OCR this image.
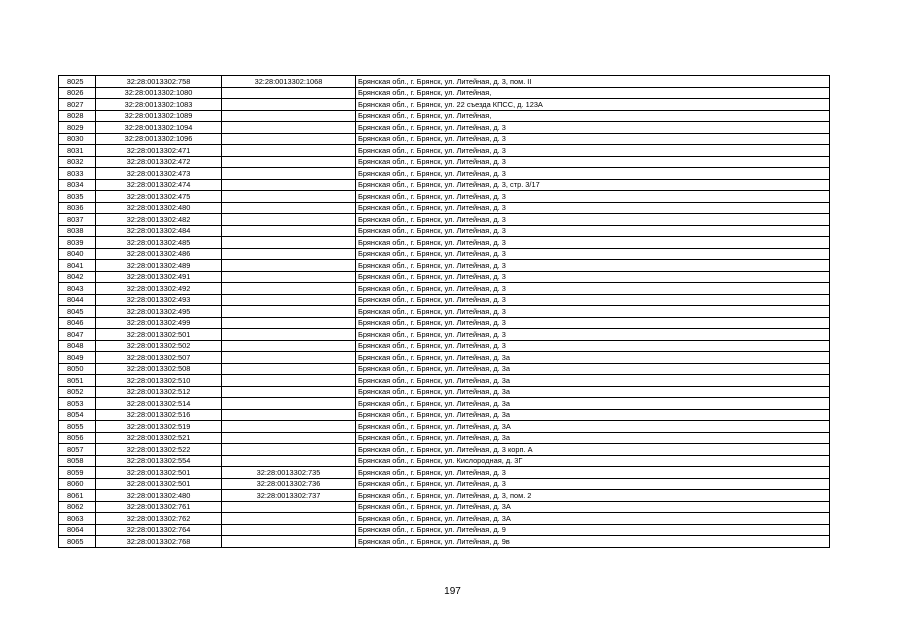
8025	32:28:0013302:758	32:28:0013302:1068	Брянская обл., г. Брянск, ул. Литейная, д. 3, пом. II
8026	32:28:0013302:1080		Брянская обл., г. Брянск, ул. Литейная,
8027	32:28:0013302:1083		Брянская обл., г. Брянск, ул. 22 съезда КПСС, д. 123А
8028	32:28:0013302:1089		Брянская обл., г. Брянск, ул. Литейная,
8029	32:28:0013302:1094		Брянская обл., г. Брянск, ул. Литейная, д. 3
8030	32:28:0013302:1096		Брянская обл., г. Брянск, ул. Литейная, д. 3
8031	32:28:0013302:471		Брянская обл., г. Брянск, ул. Литейная, д. 3
8032	32:28:0013302:472		Брянская обл., г. Брянск, ул. Литейная, д. 3
8033	32:28:0013302:473		Брянская обл., г. Брянск, ул. Литейная, д. 3
8034	32:28:0013302:474		Брянская обл., г. Брянск, ул. Литейная, д. 3, стр. 3/17
8035	32:28:0013302:475		Брянская обл., г. Брянск, ул. Литейная, д. 3
8036	32:28:0013302:480		Брянская обл., г. Брянск, ул. Литейная, д. 3
8037	32:28:0013302:482		Брянская обл., г. Брянск, ул. Литейная, д. 3
8038	32:28:0013302:484		Брянская обл., г. Брянск, ул. Литейная, д. 3
8039	32:28:0013302:485		Брянская обл., г. Брянск, ул. Литейная, д. 3
8040	32:28:0013302:486		Брянская обл., г. Брянск, ул. Литейная, д. 3
8041	32:28:0013302:489		Брянская обл., г. Брянск, ул. Литейная, д. 3
8042	32:28:0013302:491		Брянская обл., г. Брянск, ул. Литейная, д. 3
8043	32:28:0013302:492		Брянская обл., г. Брянск, ул. Литейная, д. 3
8044	32:28:0013302:493		Брянская обл., г. Брянск, ул. Литейная, д. 3
8045	32:28:0013302:495		Брянская обл., г. Брянск, ул. Литейная, д. 3
8046	32:28:0013302:499		Брянская обл., г. Брянск, ул. Литейная, д. 3
8047	32:28:0013302:501		Брянская обл., г. Брянск, ул. Литейная, д. 3
8048	32:28:0013302:502		Брянская обл., г. Брянск, ул. Литейная, д. 3
8049	32:28:0013302:507		Брянская обл., г. Брянск, ул. Литейная, д. 3а
8050	32:28:0013302:508		Брянская обл., г. Брянск, ул. Литейная, д. 3а
8051	32:28:0013302:510		Брянская обл., г. Брянск, ул. Литейная, д. 3а
8052	32:28:0013302:512		Брянская обл., г. Брянск, ул. Литейная, д. 3а
8053	32:28:0013302:514		Брянская обл., г. Брянск, ул. Литейная, д. 3а
8054	32:28:0013302:516		Брянская обл., г. Брянск, ул. Литейная, д. 3а
8055	32:28:0013302:519		Брянская обл., г. Брянск, ул. Литейная, д. 3А
8056	32:28:0013302:521		Брянская обл., г. Брянск, ул. Литейная, д. 3а
8057	32:28:0013302:522		Брянская обл., г. Брянск, ул. Литейная, д. 3 корп. А
8058	32:28:0013302:554		Брянская обл., г. Брянск, ул. Кислородная, д. 3Г
8059	32:28:0013302:501	32:28:0013302:735	Брянская обл., г. Брянск, ул. Литейная, д. 3
8060	32:28:0013302:501	32:28:0013302:736	Брянская обл., г. Брянск, ул. Литейная, д. 3
8061	32:28:0013302:480	32:28:0013302:737	Брянская обл., г. Брянск, ул. Литейная, д. 3, пом. 2
8062	32:28:0013302:761		Брянская обл., г. Брянск, ул. Литейная, д. 3А
8063	32:28:0013302:762		Брянская обл., г. Брянск, ул. Литейная, д. 3А
8064	32:28:0013302:764		Брянская обл., г. Брянск, ул. Литейная, д. 9
8065	32:28:0013302:768		Брянская обл., г. Брянск, ул. Литейная, д. 9в
197
